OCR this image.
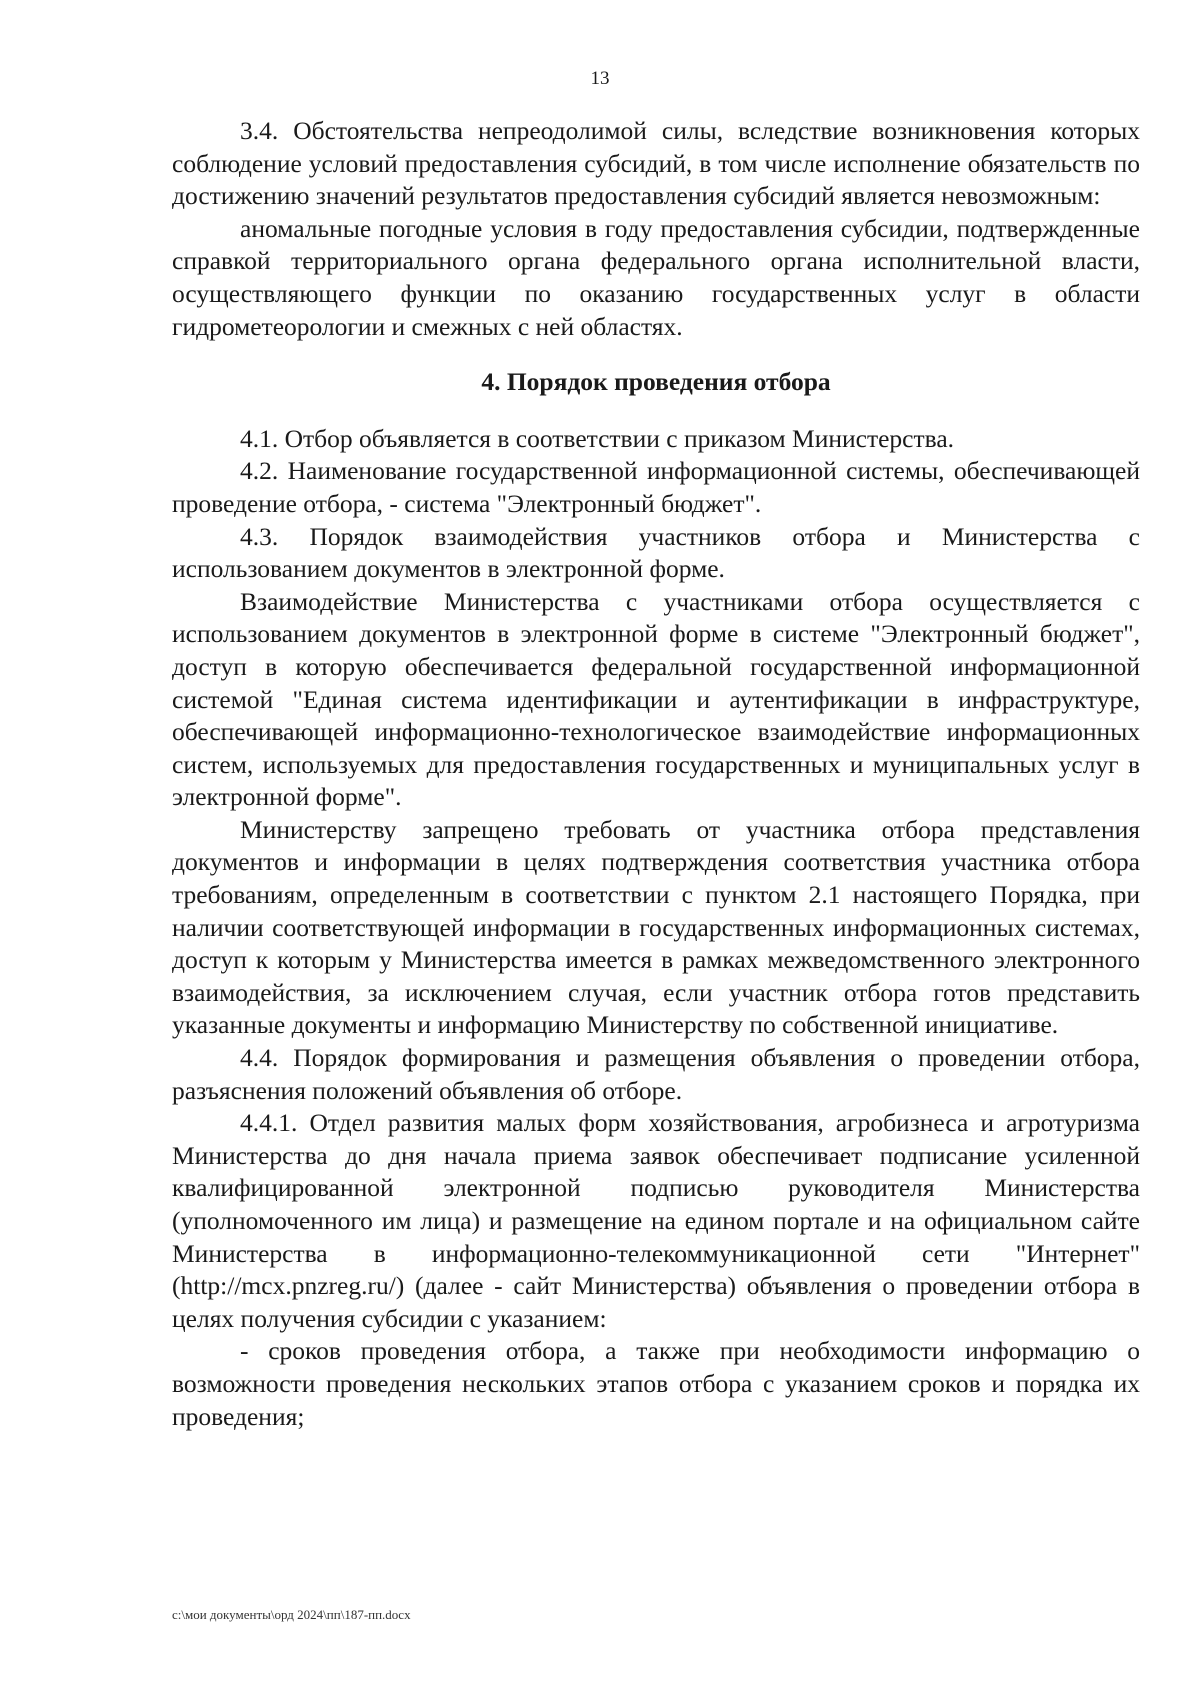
13

3.4. Обстоятельства непреодолимой силы, вследствие возникновения которых соблюдение условий предоставления субсидий, в том числе исполнение обязательств по достижению значений результатов предоставления субсидий является невозможным:

аномальные погодные условия в году предоставления субсидии, подтвержденные справкой территориального органа федерального органа исполнительной власти, осуществляющего функции по оказанию государственных услуг в области гидрометеорологии и смежных с ней областях.

4. Порядок проведения отбора

4.1. Отбор объявляется в соответствии с приказом Министерства.

4.2. Наименование государственной информационной системы, обеспечивающей проведение отбора, - система "Электронный бюджет".

4.3. Порядок взаимодействия участников отбора и Министерства с использованием документов в электронной форме.

Взаимодействие Министерства с участниками отбора осуществляется с использованием документов в электронной форме в системе "Электронный бюджет", доступ в которую обеспечивается федеральной государственной информационной системой "Единая система идентификации и аутентификации в инфраструктуре, обеспечивающей информационно-технологическое взаимодействие информационных систем, используемых для предоставления государственных и муниципальных услуг в электронной форме".

Министерству запрещено требовать от участника отбора представления документов и информации в целях подтверждения соответствия участника отбора требованиям, определенным в соответствии с пунктом 2.1 настоящего Порядка, при наличии соответствующей информации в государственных информационных системах, доступ к которым у Министерства имеется в рамках межведомственного электронного взаимодействия, за исключением случая, если участник отбора готов представить указанные документы и информацию Министерству по собственной инициативе.

4.4. Порядок формирования и размещения объявления о проведении отбора, разъяснения положений объявления об отборе.

4.4.1. Отдел развития малых форм хозяйствования, агробизнеса и агротуризма Министерства до дня начала приема заявок обеспечивает подписание усиленной квалифицированной электронной подписью руководителя Министерства (уполномоченного им лица) и размещение на едином портале и на официальном сайте Министерства в информационно-телекоммуникационной сети "Интернет" (http://mcx.pnzreg.ru/) (далее - сайт Министерства) объявления о проведении отбора в целях получения субсидии с указанием:

- сроков проведения отбора, а также при необходимости информацию о возможности проведения нескольких этапов отбора с указанием сроков и порядка их проведения;

c:\мои документы\орд 2024\пп\187-пп.docx
